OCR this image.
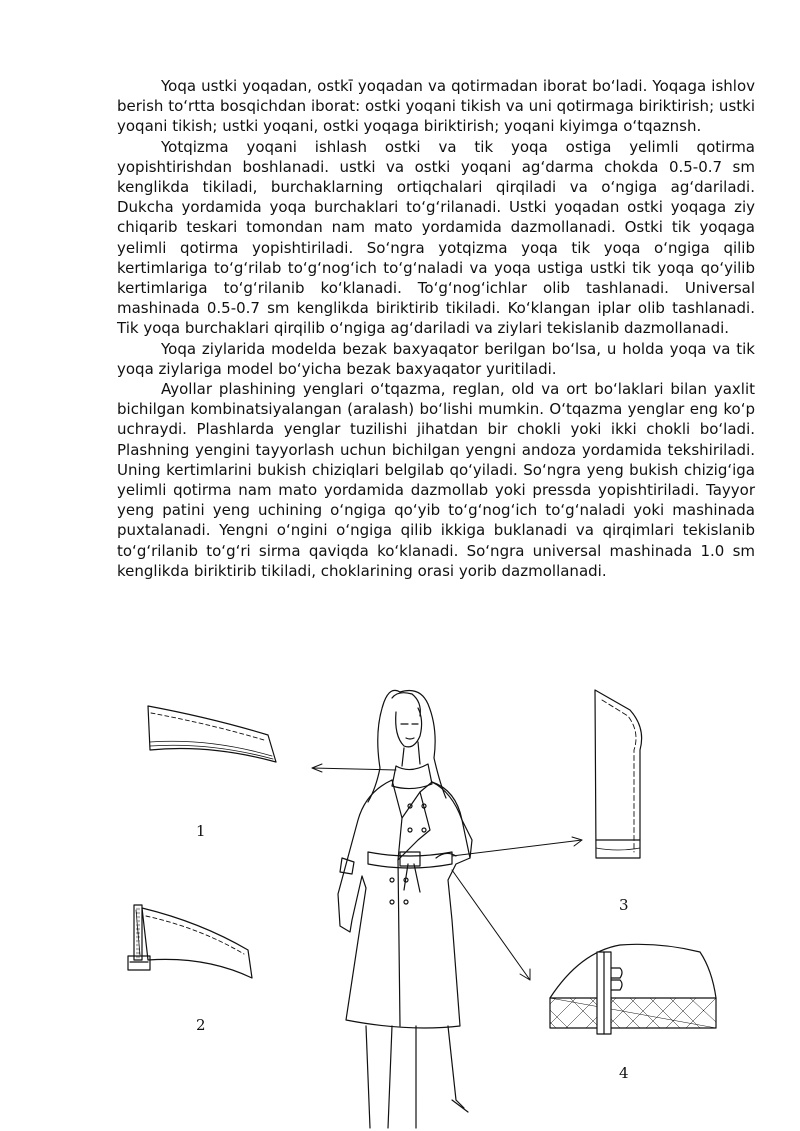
Yoqa ustki yoqadan, ostkī yoqadan va qotirmadan iborat bo‘ladi. Yoqaga ishlov berish to‘rtta bosqichdan iborat: ostki yoqani tikish va uni qotirmaga biriktirish; ustki yoqani tikish; ustki yoqani, ostki yoqaga biriktirish; yoqani kiyimga o‘tqaznsh.

Yotqizma yoqani ishlash ostki va tik yoqa ostiga yelimli qotirma yopishtirishdan boshlanadi. ustki va ostki yoqani ag‘darma chokda 0.5-0.7 sm kenglikda tikiladi, burchaklarning ortiqchalari qirqiladi va o‘ngiga ag‘dariladi. Dukcha yordamida yoqa burchaklari to‘g‘rilanadi. Ustki yoqadan ostki yoqaga ziy chiqarib teskari tomondan nam mato yordamida dazmollanadi. Ostki tik yoqaga yelimli qotirma yopishtiriladi. So‘ngra yotqizma yoqa tik yoqa o‘ngiga qilib kertimlariga to‘g‘rilab to‘g‘nog‘ich to‘g‘naladi va yoqa ustiga ustki tik yoqa qo‘yilib kertimlariga to‘g‘rilanib ko‘klanadi. To‘g‘nog‘ichlar olib tashlanadi. Universal mashinada 0.5-0.7 sm kenglikda biriktirib tikiladi. Ko‘klangan iplar olib tashlanadi. Tik yoqa burchaklari qirqilib o‘ngiga ag‘dariladi va ziylari tekislanib dazmollanadi.

Yoqa ziylarida modelda bezak baxyaqator berilgan bo‘lsa, u holda yoqa va tik yoqa ziylariga model bo‘yicha bezak baxyaqator yuritiladi.

Ayollar plashining yenglari o‘tqazma, reglan, old va ort bo‘laklari bilan yaxlit bichilgan kombinatsiyalangan (aralash) bo‘lishi mumkin. O‘tqazma yenglar eng ko‘p uchraydi. Plashlarda yenglar tuzilishi jihatdan bir chokli yoki ikki chokli bo‘ladi. Plashning yengini tayyorlash uchun bichilgan yengni andoza yordamida tekshiriladi. Uning kertimlarini bukish chiziqlari belgilab qo‘yiladi. So‘ngra yeng bukish chizig‘iga yelimli qotirma nam mato yordamida dazmollab yoki pressda yopishtiriladi. Tayyor yeng patini yeng uchining o‘ngiga qo‘yib to‘g‘nog‘ich to‘g‘naladi yoki mashinada puxtalanadi. Yengni o‘ngini o‘ngiga qilib ikkiga buklanadi va qirqimlari tekislanib to‘g‘rilanib to‘g‘ri sirma qaviqda ko‘klanadi. So‘ngra universal mashinada 1.0 sm kenglikda biriktirib tikiladi, choklarining orasi yorib dazmollanadi.

1
2
3
4
